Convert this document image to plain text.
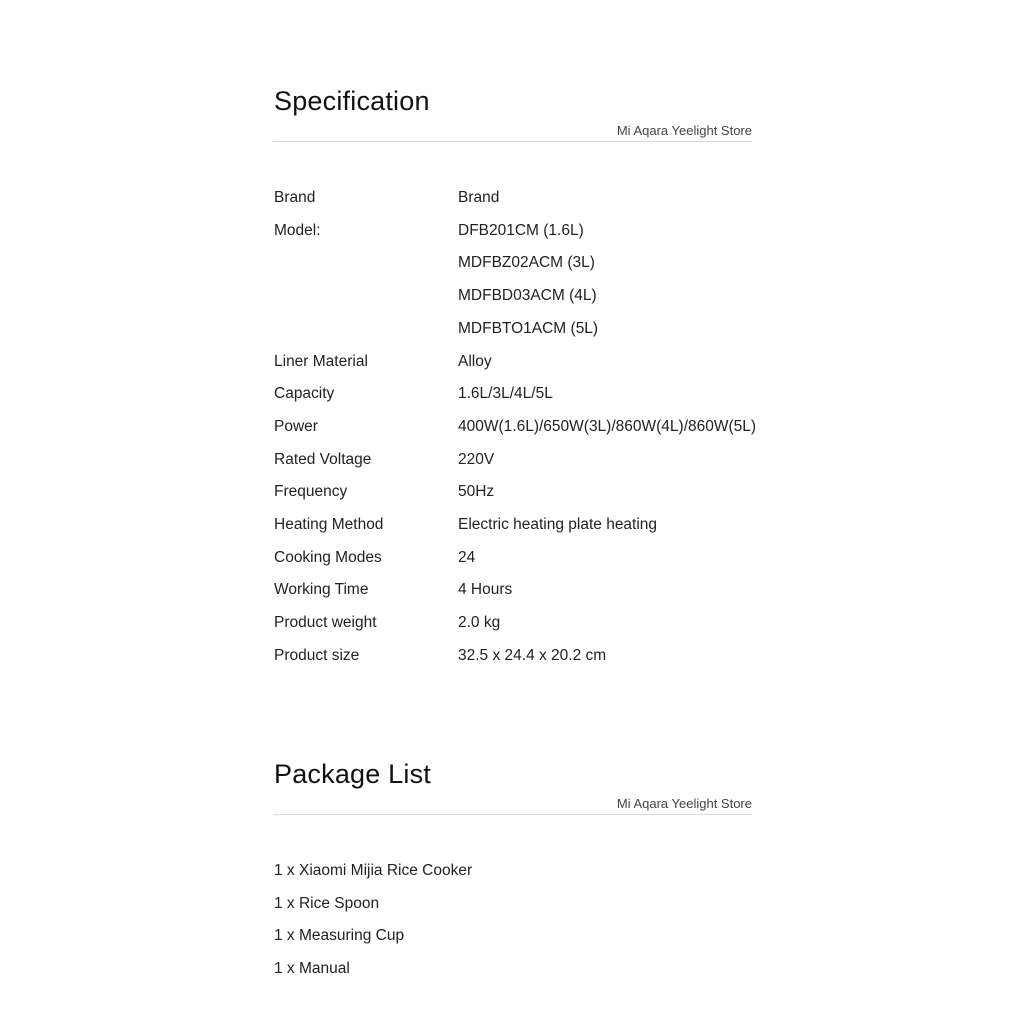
Specification
Mi Aqara Yeelight Store
Brand	Brand
Model:	DFB201CM (1.6L)
MDFBZ02ACM (3L)
MDFBD03ACM (4L)
MDFBTO1ACM (5L)
Liner Material	Alloy
Capacity	1.6L/3L/4L/5L
Power	400W(1.6L)/650W(3L)/860W(4L)/860W(5L)
Rated Voltage	220V
Frequency	50Hz
Heating Method	Electric heating plate heating
Cooking Modes	24
Working Time	4 Hours
Product weight	2.0 kg
Product size	32.5 x 24.4 x 20.2 cm
Package List
Mi Aqara Yeelight Store
1 x Xiaomi Mijia Rice Cooker
1 x Rice Spoon
1 x Measuring Cup
1 x Manual
